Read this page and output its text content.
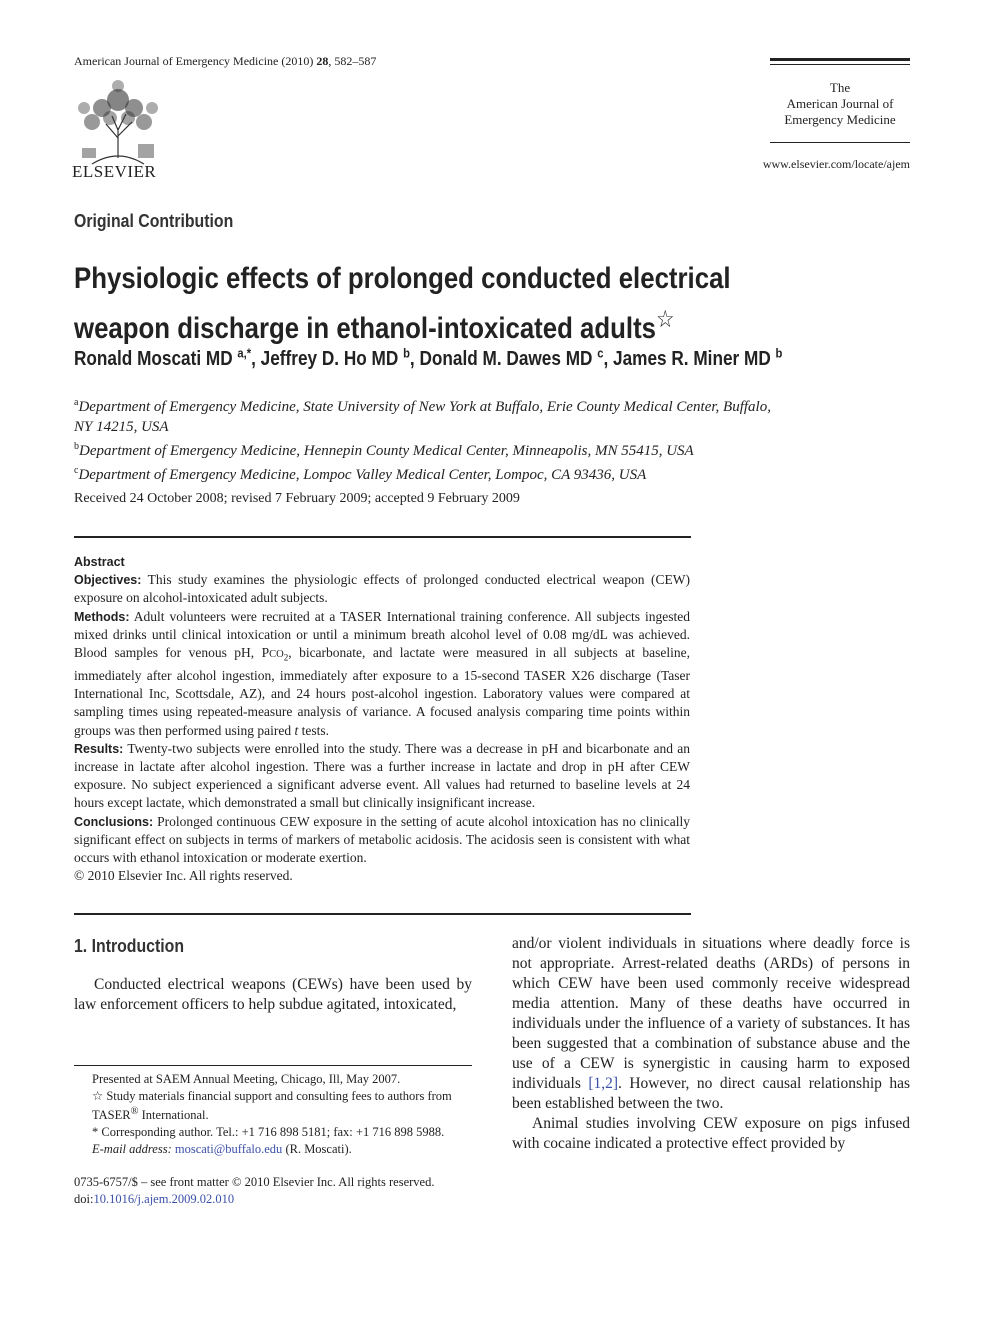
American Journal of Emergency Medicine (2010) 28, 582–587
ELSEVIER
The
American Journal of
Emergency Medicine
www.elsevier.com/locate/ajem
Original Contribution
Physiologic effects of prolonged conducted electrical
weapon discharge in ethanol-intoxicated adults☆
Ronald Moscati MD $^{a,*}$, Jeffrey D. Ho MD $^b$, Donald M. Dawes MD $^c$, James R. Miner MD $^b$
$^a$Department of Emergency Medicine, State University of New York at Buffalo, Erie County Medical Center, Buffalo,
NY 14215, USA
$^b$Department of Emergency Medicine, Hennepin County Medical Center, Minneapolis, MN 55415, USA
$^c$Department of Emergency Medicine, Lompoc Valley Medical Center, Lompoc, CA 93436, USA
Received 24 October 2008; revised 7 February 2009; accepted 9 February 2009

Abstract

Objectives: This study examines the physiologic effects of prolonged conducted electrical weapon (CEW) exposure on alcohol-intoxicated adult subjects.

Methods: Adult volunteers were recruited at a TASER International training conference. All subjects ingested mixed drinks until clinical intoxication or until a minimum breath alcohol level of 0.08 mg/dL was achieved. Blood samples for venous pH, $PCO_2$, bicarbonate, and lactate were measured in all subjects at baseline, immediately after alcohol ingestion, immediately after exposure to a 15-second TASER X26 discharge (Taser International Inc, Scottsdale, AZ), and 24 hours post-alcohol ingestion. Laboratory values were compared at sampling times using repeated-measure analysis of variance. A focused analysis comparing time points within groups was then performed using paired t tests.

Results: Twenty-two subjects were enrolled into the study. There was a decrease in pH and bicarbonate and an increase in lactate after alcohol ingestion. There was a further increase in lactate and drop in pH after CEW exposure. No subject experienced a significant adverse event. All values had returned to baseline levels at 24 hours except lactate, which demonstrated a small but clinically insignificant increase.

Conclusions: Prolonged continuous CEW exposure in the setting of acute alcohol intoxication has no clinically significant effect on subjects in terms of markers of metabolic acidosis. The acidosis seen is consistent with what occurs with ethanol intoxication or moderate exertion.

© 2010 Elsevier Inc. All rights reserved.

1. Introduction

Conducted electrical weapons (CEWs) have been used by law enforcement officers to help subdue agitated, intoxicated,

and/or violent individuals in situations where deadly force is not appropriate. Arrest-related deaths (ARDs) of persons in which CEW have been used commonly receive widespread media attention. Many of these deaths have occurred in individuals under the influence of a variety of substances. It has been suggested that a combination of substance abuse and the use of a CEW is synergistic in causing harm to exposed individuals [1,2]. However, no direct causal relationship has been established between the two.

Animal studies involving CEW exposure on pigs infused with cocaine indicated a protective effect provided by

Presented at SAEM Annual Meeting, Chicago, Ill, May 2007.

☆ Study materials financial support and consulting fees to authors from TASER® International.

* Corresponding author. Tel.: +1 716 898 5181; fax: +1 716 898 5988.

E-mail address: moscati@buffalo.edu (R. Moscati).

0735-6757/$ – see front matter © 2010 Elsevier Inc. All rights reserved.

doi:10.1016/j.ajem.2009.02.010
